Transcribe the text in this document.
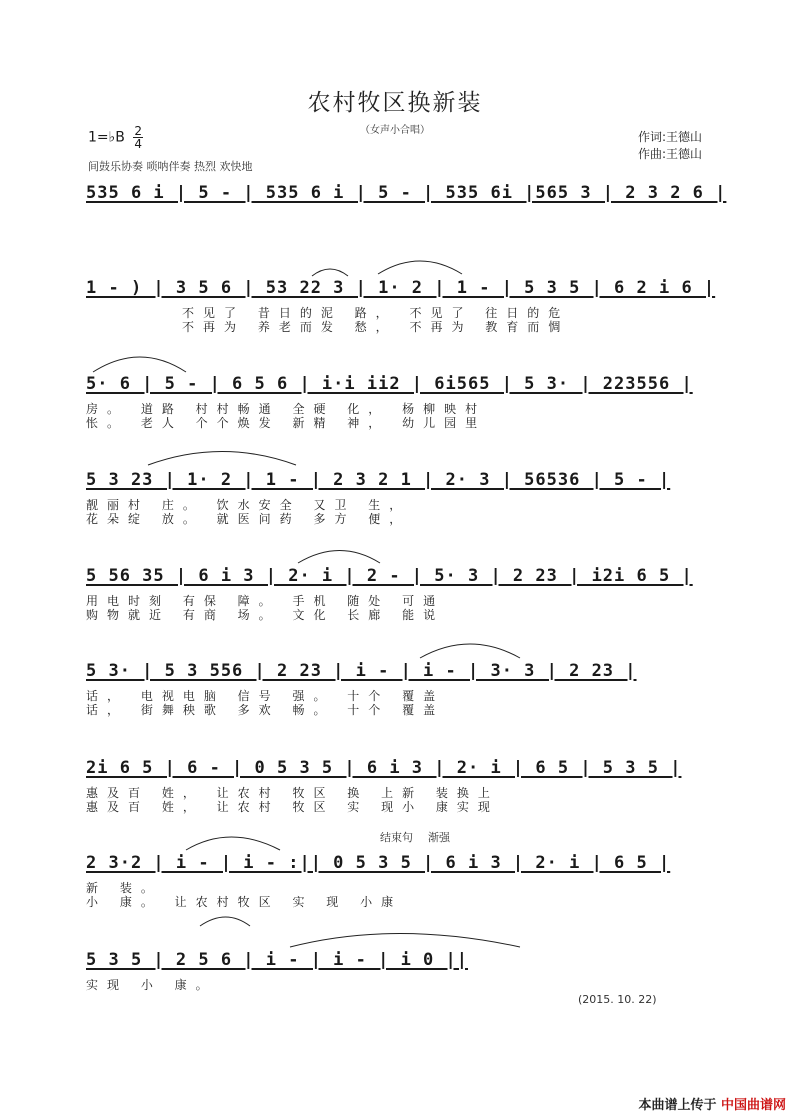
农村牧区换新装
（女声小合唱）
1=♭B $\frac{2}{4}$
间鼓乐协奏 唢呐伴奏 热烈 欢快地
作词:王德山
作曲:王德山
535 6 i | 5 - | 535 6 i | 5 - | 535 6i |565 3 | 2 3 2 6 |
1 - ) | 3 5 6 | 53 22 3 | 1· 2 | 1 - | 5 3 5 | 6 2 i 6 |
不见了 昔日的泥 路， 不见了 往日的危
不再为 养老而发 愁， 不再为 教育而惆
5· 6 | 5 - | 6 5 6 | i·i ii2 | 6i565 | 5 3· | 223556 |
房。 道路 村村畅通 全硬 化， 杨柳映村
怅。 老人 个个焕发 新精 神， 幼儿园里
5 3 23 | 1· 2 | 1 - | 2 3 2 1 | 2· 3 | 56536 | 5 - |
靓丽村 庄。 饮水安全 又卫 生，
花朵绽 放。 就医问药 多方 便，
5 56 35 | 6 i 3 | 2· i | 2 - | 5· 3 | 2 23 | i2i 6 5 |
用电时刻 有保 障。 手机 随处 可通
购物就近 有商 场。 文化 长廊 能说
5 3· | 5 3 556 | 2 23 | i - | i - | 3· 3 | 2 23 |
话， 电视电脑 信号 强。 十个 覆盖
话， 街舞秧歌 多欢 畅。 十个 覆盖
2i 6 5 | 6 - | 0 5 3 5 | 6 i 3 | 2· i | 6 5 | 5 3 5 |
惠及百 姓， 让农村 牧区 换 上新 装换上
惠及百 姓， 让农村 牧区 实 现小 康实现
结束句 渐强
2 3·2 | i - | i - :|| 0 5 3 5 | 6 i 3 | 2· i | 6 5 |
新 装。
小 康。 让农村牧区 实 现 小康
5 3 5 | 2 5 6 | i - | i - | i 0 ||
实现 小 康。
(2015. 10. 22)
本曲谱上传于 中国曲谱网
